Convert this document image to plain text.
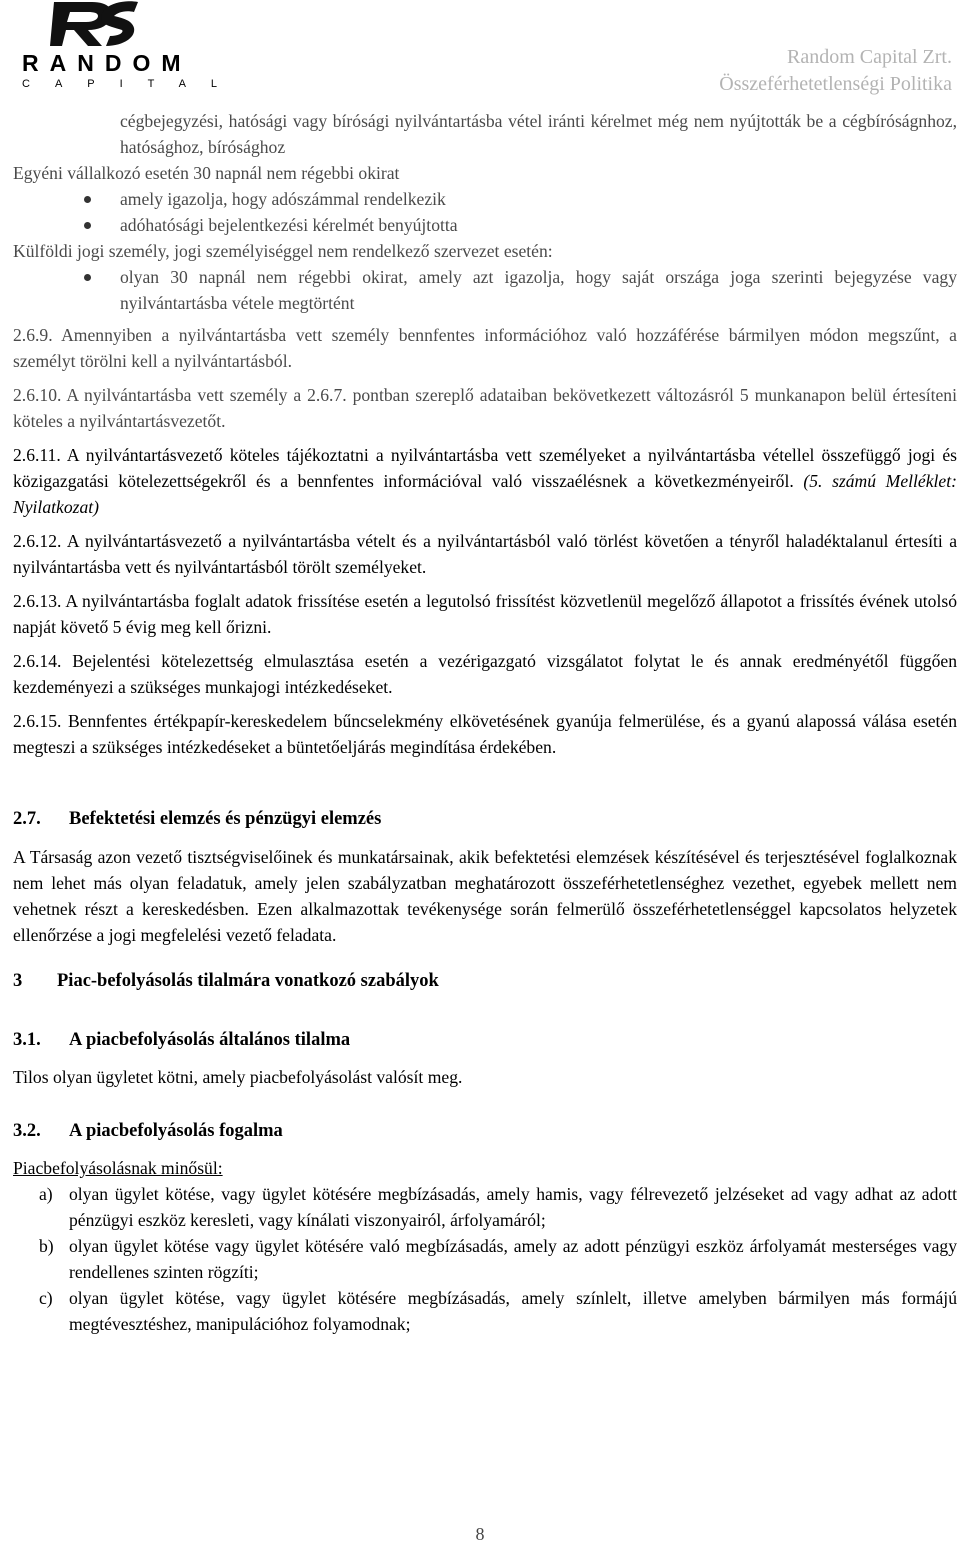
RANDOM
CAPITAL
Random Capital Zrt.
Összeférhetetlenségi Politika

cégbejegyzési, hatósági vagy bírósági nyilvántartásba vétel iránti kérelmet még nem nyújtották be a cégbíróságnhoz, hatósághoz, bírósághoz

Egyéni vállalkozó esetén 30 napnál nem régebbi okirat

amely igazolja, hogy adószámmal rendelkezik

adóhatósági bejelentkezési kérelmét benyújtotta

Külföldi jogi személy, jogi személyiséggel nem rendelkező szervezet esetén:

olyan 30 napnál nem régebbi okirat, amely azt igazolja, hogy saját országa joga szerinti bejegyzése vagy nyilvántartásba vétele megtörtént

2.6.9. Amennyiben a nyilvántartásba vett személy bennfentes információhoz való hozzáférése bármilyen módon megszűnt, a személyt törölni kell a nyilvántartásból.

2.6.10. A nyilvántartásba vett személy a 2.6.7. pontban szereplő adataiban bekövetkezett változásról 5 munkanapon belül értesíteni köteles a nyilvántartásvezetőt.

2.6.11. A nyilvántartásvezető köteles tájékoztatni a nyilvántartásba vett személyeket a nyilvántartásba vétellel összefüggő jogi és közigazgatási kötelezettségekről és a bennfentes információval való visszaélésnek a következményeiről. (5. számú Melléklet: Nyilatkozat)

2.6.12. A nyilvántartásvezető a nyilvántartásba vételt és a nyilvántartásból való törlést követően a tényről haladéktalanul értesíti a nyilvántartásba vett és nyilvántartásból törölt személyeket.

2.6.13. A nyilvántartásba foglalt adatok frissítése esetén a legutolsó frissítést közvetlenül megelőző állapotot a frissítés évének utolsó napját követő 5 évig meg kell őrizni.

2.6.14. Bejelentési kötelezettség elmulasztása esetén a vezérigazgató vizsgálatot folytat le és annak eredményétől függően kezdeményezi a szükséges munkajogi intézkedéseket.

2.6.15. Bennfentes értékpapír-kereskedelem bűncselekmény elkövetésének gyanúja felmerülése, és a gyanú alapossá válása esetén megteszi a szükséges intézkedéseket a büntetőeljárás megindítása érdekében.

2.7. Befektetési elemzés és pénzügyi elemzés

A Társaság azon vezető tisztségviselőinek és munkatársainak, akik befektetési elemzések készítésével és terjesztésével foglalkoznak nem lehet más olyan feladatuk, amely jelen szabályzatban meghatározott összeférhetetlenséghez vezethet, egyebek mellett nem vehetnek részt a kereskedésben. Ezen alkalmazottak tevékenysége során felmerülő összeférhetetlenséggel kapcsolatos helyzetek ellenőrzése a jogi megfelelési vezető feladata.

3 Piac-befolyásolás tilalmára vonatkozó szabályok

3.1. A piacbefolyásolás általános tilalma

Tilos olyan ügyletet kötni, amely piacbefolyásolást valósít meg.

3.2. A piacbefolyásolás fogalma

Piacbefolyásolásnak minősül:

a) olyan ügylet kötése, vagy ügylet kötésére megbízásadás, amely hamis, vagy félrevezető jelzéseket ad vagy adhat az adott pénzügyi eszköz keresleti, vagy kínálati viszonyairól, árfolyamáról;

b) olyan ügylet kötése vagy ügylet kötésére való megbízásadás, amely az adott pénzügyi eszköz árfolyamát mesterséges vagy rendellenes szinten rögzíti;

c) olyan ügylet kötése, vagy ügylet kötésére megbízásadás, amely színlelt, illetve amelyben bármilyen más formájú megtévesztéshez, manipulációhoz folyamodnak;

8
